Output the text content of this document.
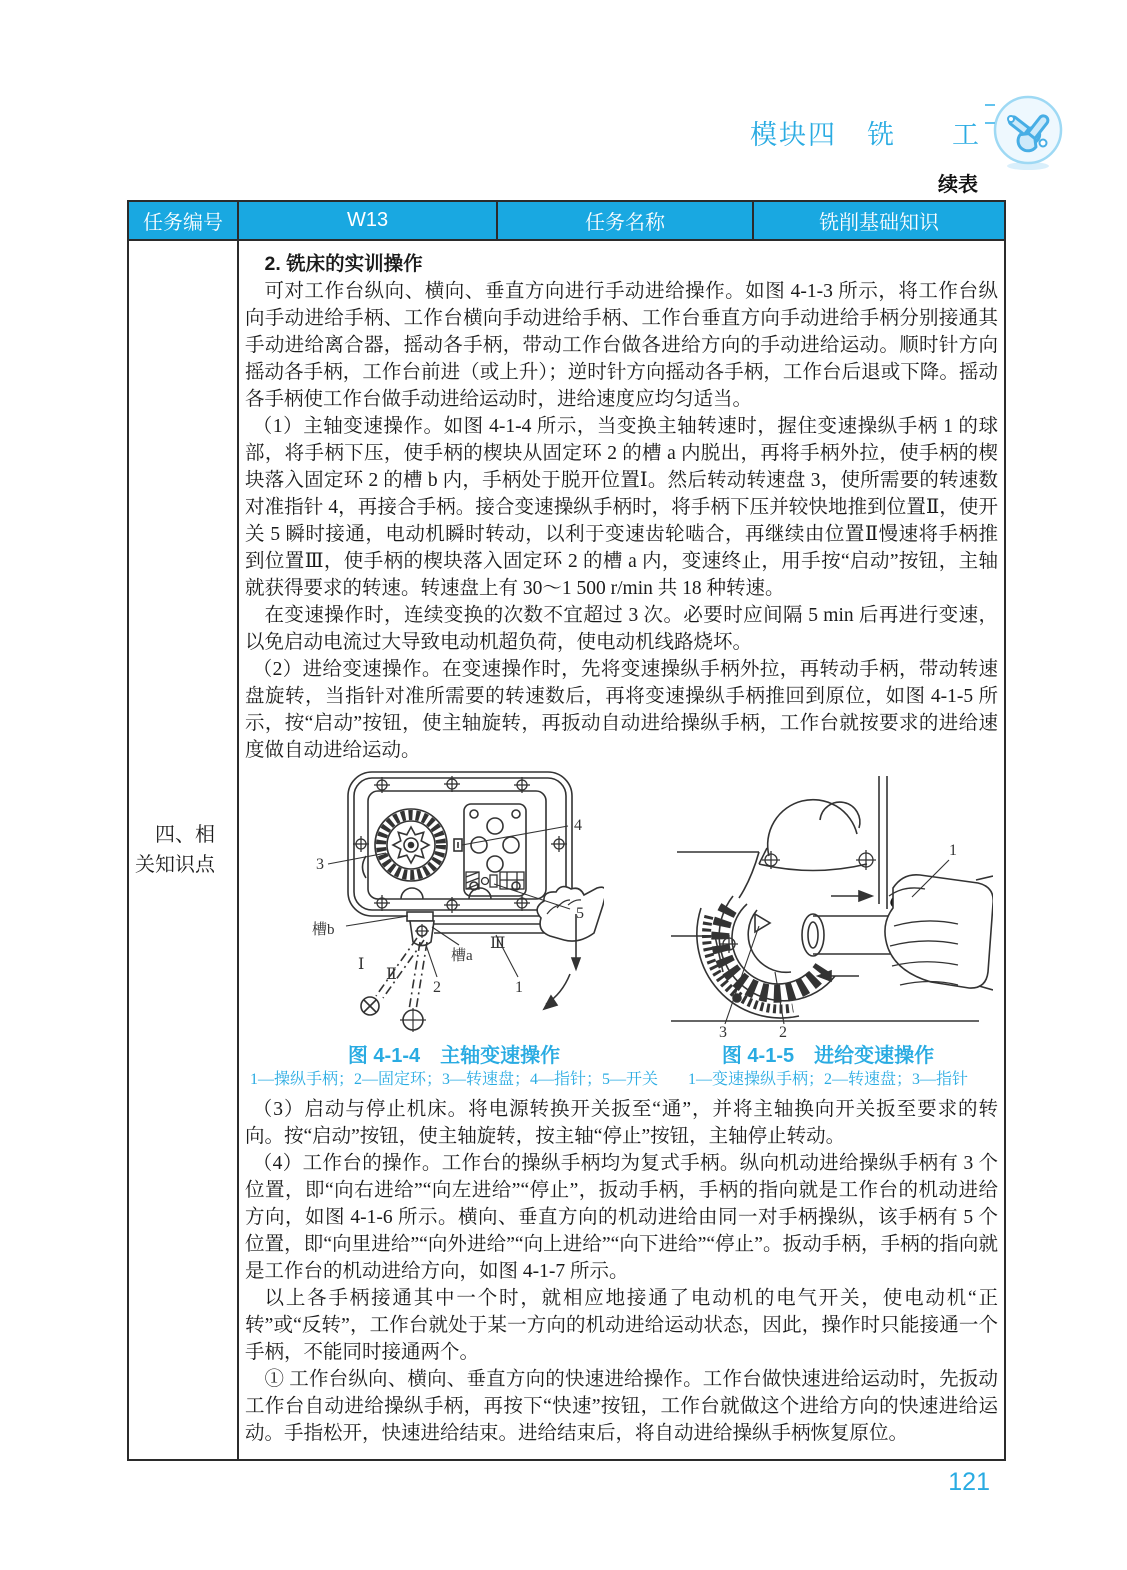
模块四 铣 工
续表
任务编号	W13	任务名称	铣削基础知识

四、相关知识点

2. 铣床的实训操作

可对工作台纵向、横向、垂直方向进行手动进给操作。如图 4-1-3 所示，将工作台纵向手动进给手柄、工作台横向手动进给手柄、工作台垂直方向手动进给手柄分别接通其手动进给离合器，摇动各手柄，带动工作台做各进给方向的手动进给运动。顺时针方向摇动各手柄，工作台前进（或上升）；逆时针方向摇动各手柄，工作台后退或下降。摇动各手柄使工作台做手动进给运动时，进给速度应均匀适当。

（1）主轴变速操作。如图 4-1-4 所示，当变换主轴转速时，握住变速操纵手柄 1 的球部，将手柄下压，使手柄的楔块从固定环 2 的槽 a 内脱出，再将手柄外拉，使手柄的楔块落入固定环 2 的槽 b 内，手柄处于脱开位置Ⅰ。然后转动转速盘 3，使所需要的转速数对准指针 4，再接合手柄。接合变速操纵手柄时，将手柄下压并较快地推到位置Ⅱ，使开关 5 瞬时接通，电动机瞬时转动，以利于变速齿轮啮合，再继续由位置Ⅱ慢速将手柄推到位置Ⅲ，使手柄的楔块落入固定环 2 的槽 a 内，变速终止，用手按“启动”按钮，主轴就获得要求的转速。转速盘上有 30～1 500 r/min 共 18 种转速。

在变速操作时，连续变换的次数不宜超过 3 次。必要时应间隔 5 min 后再进行变速，以免启动电流过大导致电动机超负荷，使电动机线路烧坏。

（2）进给变速操作。在变速操作时，先将变速操纵手柄外拉，再转动手柄，带动转速盘旋转，当指针对准所需要的转速数后，再将变速操纵手柄推回到原位，如图 4-1-5 所示，按“启动”按钮，使主轴旋转，再扳动自动进给操纵手柄，工作台就按要求的进给速度做自动进给运动。

3
4
5
槽b
槽a
Ⅲ
Ⅰ
Ⅱ
2	1
图 4-1-4　主轴变速操作
1—操纵手柄；2—固定环；3—转速盘；4—指针；5—开关
1
2
3
图 4-1-5　进给变速操作
1—变速操纵手柄；2—转速盘；3—指针

（3）启动与停止机床。将电源转换开关扳至“通”，并将主轴换向开关扳至要求的转向。按“启动”按钮，使主轴旋转，按主轴“停止”按钮，主轴停止转动。

（4）工作台的操作。工作台的操纵手柄均为复式手柄。纵向机动进给操纵手柄有 3 个位置，即“向右进给”“向左进给”“停止”，扳动手柄，手柄的指向就是工作台的机动进给方向，如图 4-1-6 所示。横向、垂直方向的机动进给由同一对手柄操纵，该手柄有 5 个位置，即“向里进给”“向外进给”“向上进给”“向下进给”“停止”。扳动手柄，手柄的指向就是工作台的机动进给方向，如图 4-1-7 所示。

以上各手柄接通其中一个时，就相应地接通了电动机的电气开关，使电动机“正转”或“反转”，工作台就处于某一方向的机动进给运动状态，因此，操作时只能接通一个手柄，不能同时接通两个。

① 工作台纵向、横向、垂直方向的快速进给操作。工作台做快速进给运动时，先扳动工作台自动进给操纵手柄，再按下“快速”按钮，工作台就做这个进给方向的快速进给运动。手指松开，快速进给结束。进给结束后，将自动进给操纵手柄恢复原位。

121
